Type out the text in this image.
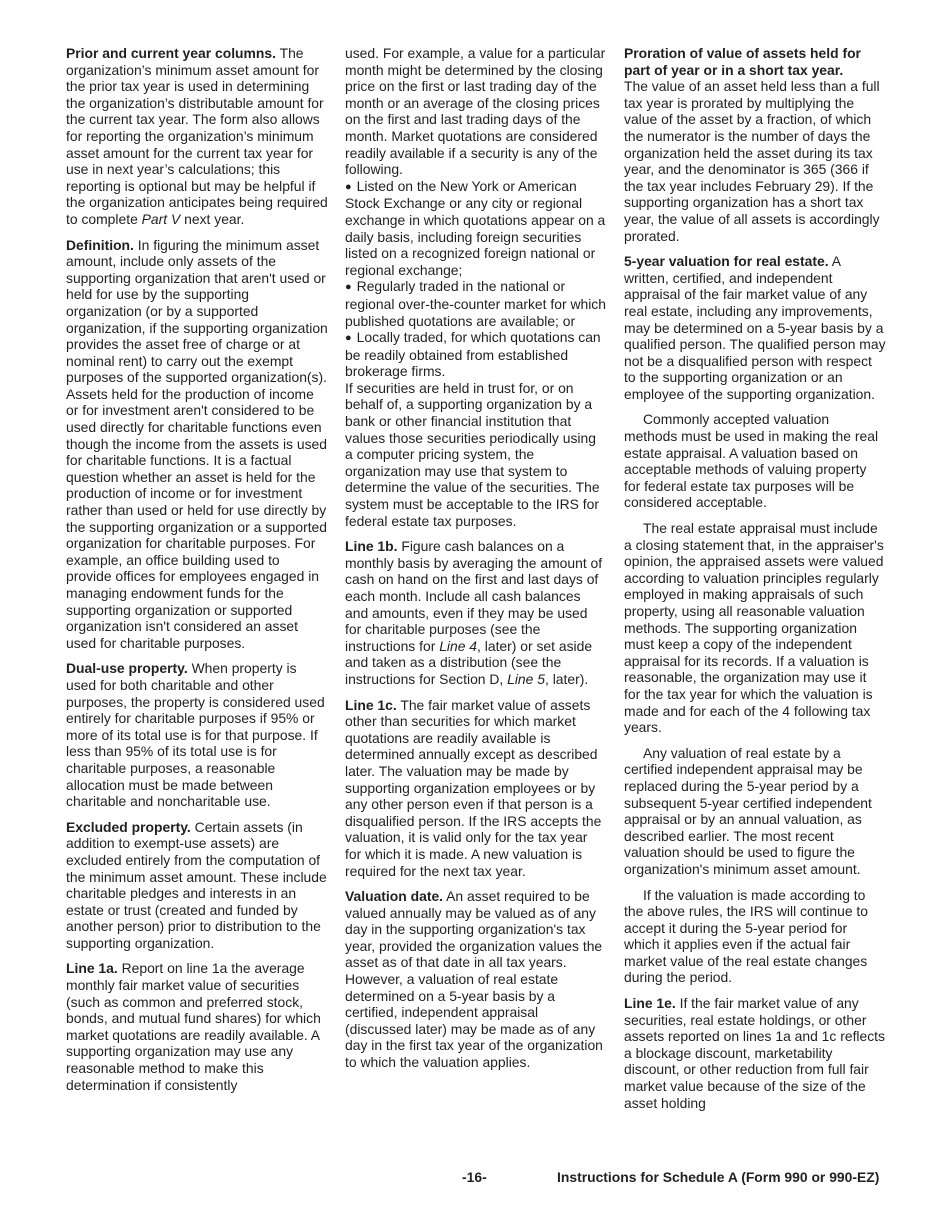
Prior and current year columns. The organization’s minimum asset amount for the prior tax year is used in determining the organization’s distributable amount for the current tax year. The form also allows for reporting the organization’s minimum asset amount for the current tax year for use in next year’s calculations; this reporting is optional but may be helpful if the organization anticipates being required to complete Part V next year.

Definition. In figuring the minimum asset amount, include only assets of the supporting organization that aren't used or held for use by the supporting organization (or by a supported organization, if the supporting organization provides the asset free of charge or at nominal rent) to carry out the exempt purposes of the supported organization(s). Assets held for the production of income or for investment aren't considered to be used directly for charitable functions even though the income from the assets is used for charitable functions. It is a factual question whether an asset is held for the production of income or for investment rather than used or held for use directly by the supporting organization or a supported organization for charitable purposes. For example, an office building used to provide offices for employees engaged in managing endowment funds for the supporting organization or supported organization isn't considered an asset used for charitable purposes.

Dual-use property. When property is used for both charitable and other purposes, the property is considered used entirely for charitable purposes if 95% or more of its total use is for that purpose. If less than 95% of its total use is for charitable purposes, a reasonable allocation must be made between charitable and noncharitable use.

Excluded property. Certain assets (in addition to exempt-use assets) are excluded entirely from the computation of the minimum asset amount. These include charitable pledges and interests in an estate or trust (created and funded by another person) prior to distribution to the supporting organization.

Line 1a. Report on line 1a the average monthly fair market value of securities (such as common and preferred stock, bonds, and mutual fund shares) for which market quotations are readily available. A supporting organization may use any reasonable method to make this determination if consistently

used. For example, a value for a particular month might be determined by the closing price on the first or last trading day of the month or an average of the closing prices on the first and last trading days of the month. Market quotations are considered readily available if a security is any of the following.

● Listed on the New York or American Stock Exchange or any city or regional exchange in which quotations appear on a daily basis, including foreign securities listed on a recognized foreign national or regional exchange;

● Regularly traded in the national or regional over-the-counter market for which published quotations are available; or

● Locally traded, for which quotations can be readily obtained from established brokerage firms.

If securities are held in trust for, or on behalf of, a supporting organization by a bank or other financial institution that values those securities periodically using a computer pricing system, the organization may use that system to determine the value of the securities. The system must be acceptable to the IRS for federal estate tax purposes.

Line 1b. Figure cash balances on a monthly basis by averaging the amount of cash on hand on the first and last days of each month. Include all cash balances and amounts, even if they may be used for charitable purposes (see the instructions for Line 4, later) or set aside and taken as a distribution (see the instructions for Section D, Line 5, later).

Line 1c. The fair market value of assets other than securities for which market quotations are readily available is determined annually except as described later. The valuation may be made by supporting organization employees or by any other person even if that person is a disqualified person. If the IRS accepts the valuation, it is valid only for the tax year for which it is made. A new valuation is required for the next tax year.

Valuation date. An asset required to be valued annually may be valued as of any day in the supporting organization's tax year, provided the organization values the asset as of that date in all tax years. However, a valuation of real estate determined on a 5-year basis by a certified, independent appraisal (discussed later) may be made as of any day in the first tax year of the organization to which the valuation applies.

Proration of value of assets held for part of year or in a short tax year.
The value of an asset held less than a full tax year is prorated by multiplying the value of the asset by a fraction, of which the numerator is the number of days the organization held the asset during its tax year, and the denominator is 365 (366 if the tax year includes February 29). If the supporting organization has a short tax year, the value of all assets is accordingly prorated.

5-year valuation for real estate. A written, certified, and independent appraisal of the fair market value of any real estate, including any improvements, may be determined on a 5-year basis by a qualified person. The qualified person may not be a disqualified person with respect to the supporting organization or an employee of the supporting organization.

Commonly accepted valuation methods must be used in making the real estate appraisal. A valuation based on acceptable methods of valuing property for federal estate tax purposes will be considered acceptable.

The real estate appraisal must include a closing statement that, in the appraiser's opinion, the appraised assets were valued according to valuation principles regularly employed in making appraisals of such property, using all reasonable valuation methods. The supporting organization must keep a copy of the independent appraisal for its records. If a valuation is reasonable, the organization may use it for the tax year for which the valuation is made and for each of the 4 following tax years.

Any valuation of real estate by a certified independent appraisal may be replaced during the 5-year period by a subsequent 5-year certified independent appraisal or by an annual valuation, as described earlier. The most recent valuation should be used to figure the organization's minimum asset amount.

If the valuation is made according to the above rules, the IRS will continue to accept it during the 5-year period for which it applies even if the actual fair market value of the real estate changes during the period.

Line 1e. If the fair market value of any securities, real estate holdings, or other assets reported on lines 1a and 1c reflects a blockage discount, marketability discount, or other reduction from full fair market value because of the size of the asset holding

-16-	Instructions for Schedule A (Form 990 or 990-EZ)
